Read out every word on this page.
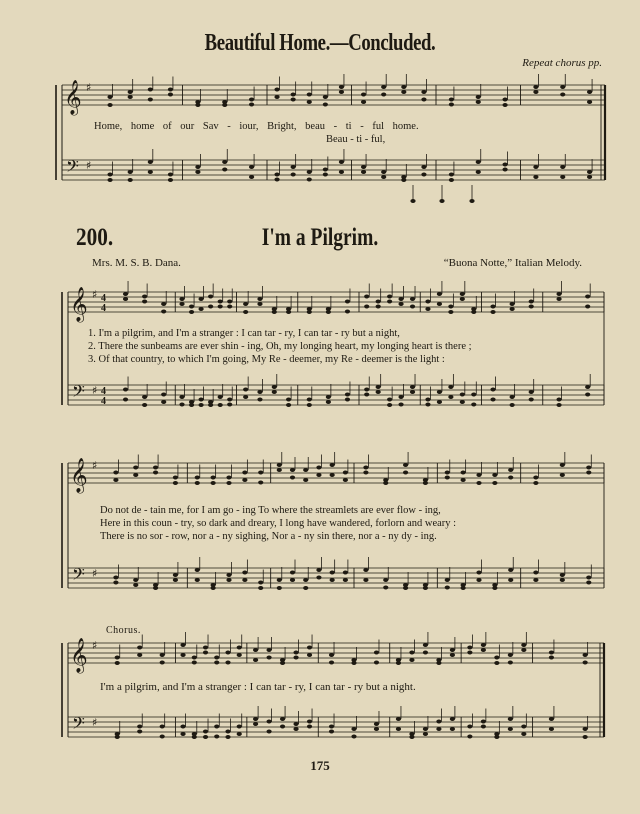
𝄞
𝄢
♯
♯
𝄞
𝄢
♯
♯
4
4
4
4
𝄞
𝄢
♯
♯
𝄞
𝄢
♯
♯
Beautiful Home.—Concluded.
Repeat chorus pp.
Home, home of our Sav - iour, Bright, beau - ti - ful home.
Beau - ti - ful,
200.	I'm a Pilgrim.
Mrs. M. S. B. Dana.	“Buona Notte,” Italian Melody.
1. I'm a pilgrim, and I'm a stranger : I can tar - ry, I can tar - ry but a night,
2. There the sunbeams are ever shin - ing, Oh, my longing heart, my longing heart is there ;
3. Of that country, to which I'm going, My Re - deemer, my Re - deemer is the light :
Do not de - tain me, for I am go - ing To where the streamlets are ever flow - ing,
Here in this coun - try, so dark and dreary, I long have wandered, forlorn and weary :
There is no sor - row, nor a - ny sighing, Nor a - ny sin there, nor a - ny dy - ing.
Chorus.
I'm a pilgrim, and I'm a stranger : I can tar - ry, I can tar - ry but a night.
175
